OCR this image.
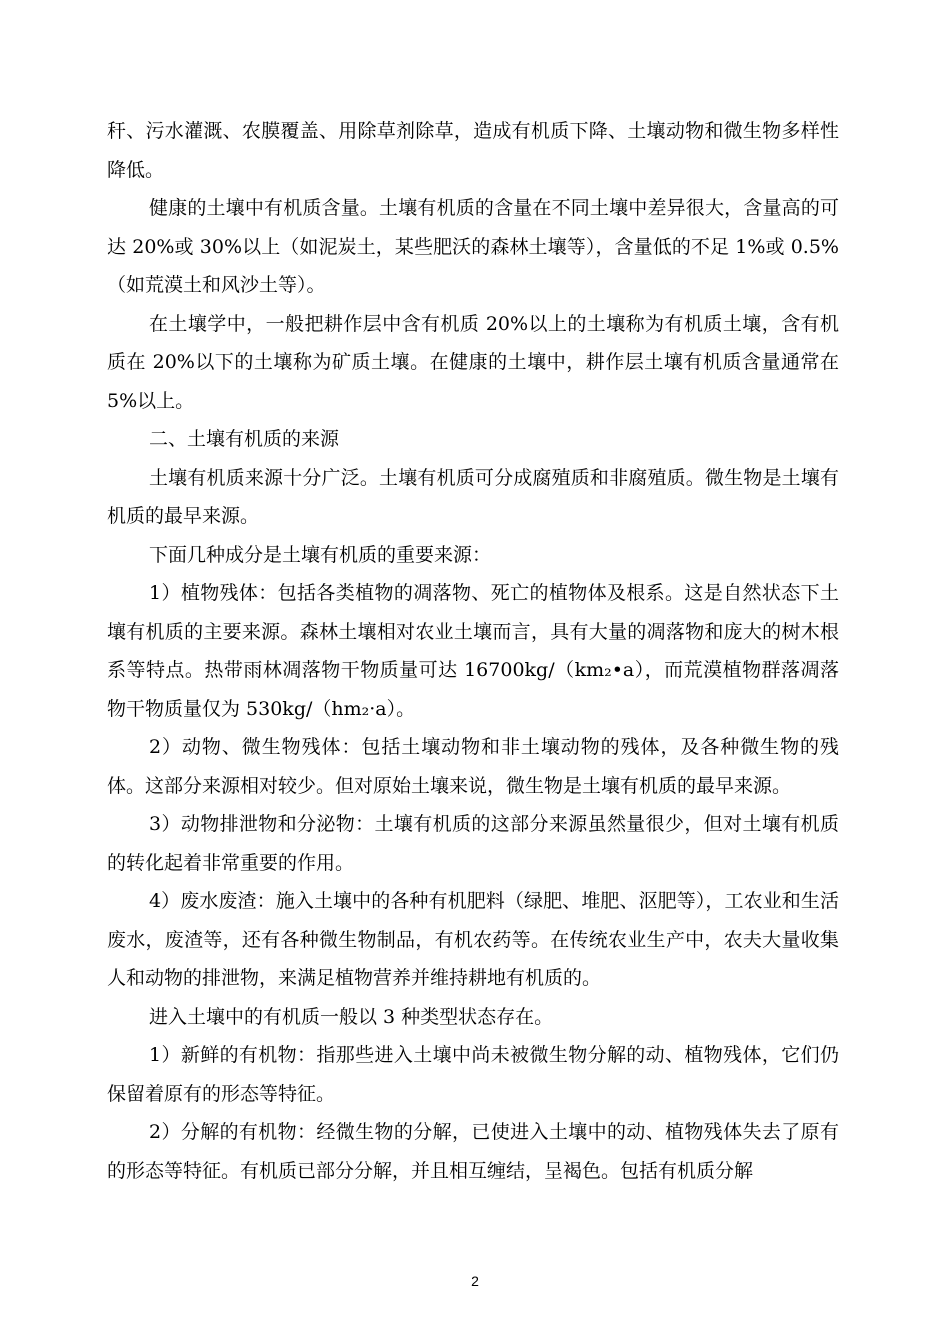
秆、污水灌溉、农膜覆盖、用除草剂除草，造成有机质下降、土壤动物和微生物多样性降低。

健康的土壤中有机质含量。土壤有机质的含量在不同土壤中差异很大，含量高的可达 20%或 30%以上（如泥炭土，某些肥沃的森林土壤等），含量低的不足 1%或 0.5%（如荒漠土和风沙土等）。

在土壤学中，一般把耕作层中含有机质 20%以上的土壤称为有机质土壤，含有机质在 20%以下的土壤称为矿质土壤。在健康的土壤中，耕作层土壤有机质含量通常在 5%以上。

二、土壤有机质的来源

土壤有机质来源十分广泛。土壤有机质可分成腐殖质和非腐殖质。微生物是土壤有机质的最早来源。

下面几种成分是土壤有机质的重要来源：

1）植物残体：包括各类植物的凋落物、死亡的植物体及根系。这是自然状态下土壤有机质的主要来源。森林土壤相对农业土壤而言，具有大量的凋落物和庞大的树木根系等特点。热带雨林凋落物干物质量可达 16700kg/（km₂•a），而荒漠植物群落凋落物干物质量仅为 530kg/（hm₂·a）。

2）动物、微生物残体：包括土壤动物和非土壤动物的残体，及各种微生物的残体。这部分来源相对较少。但对原始土壤来说，微生物是土壤有机质的最早来源。

3）动物排泄物和分泌物：土壤有机质的这部分来源虽然量很少，但对土壤有机质的转化起着非常重要的作用。

4）废水废渣：施入土壤中的各种有机肥料（绿肥、堆肥、沤肥等），工农业和生活废水，废渣等，还有各种微生物制品，有机农药等。在传统农业生产中，农夫大量收集人和动物的排泄物，来满足植物营养并维持耕地有机质的。

进入土壤中的有机质一般以 3 种类型状态存在。

1）新鲜的有机物：指那些进入土壤中尚未被微生物分解的动、植物残体，它们仍保留着原有的形态等特征。

2）分解的有机物：经微生物的分解，已使进入土壤中的动、植物残体失去了原有的形态等特征。有机质已部分分解，并且相互缠结，呈褐色。包括有机质分解

2
